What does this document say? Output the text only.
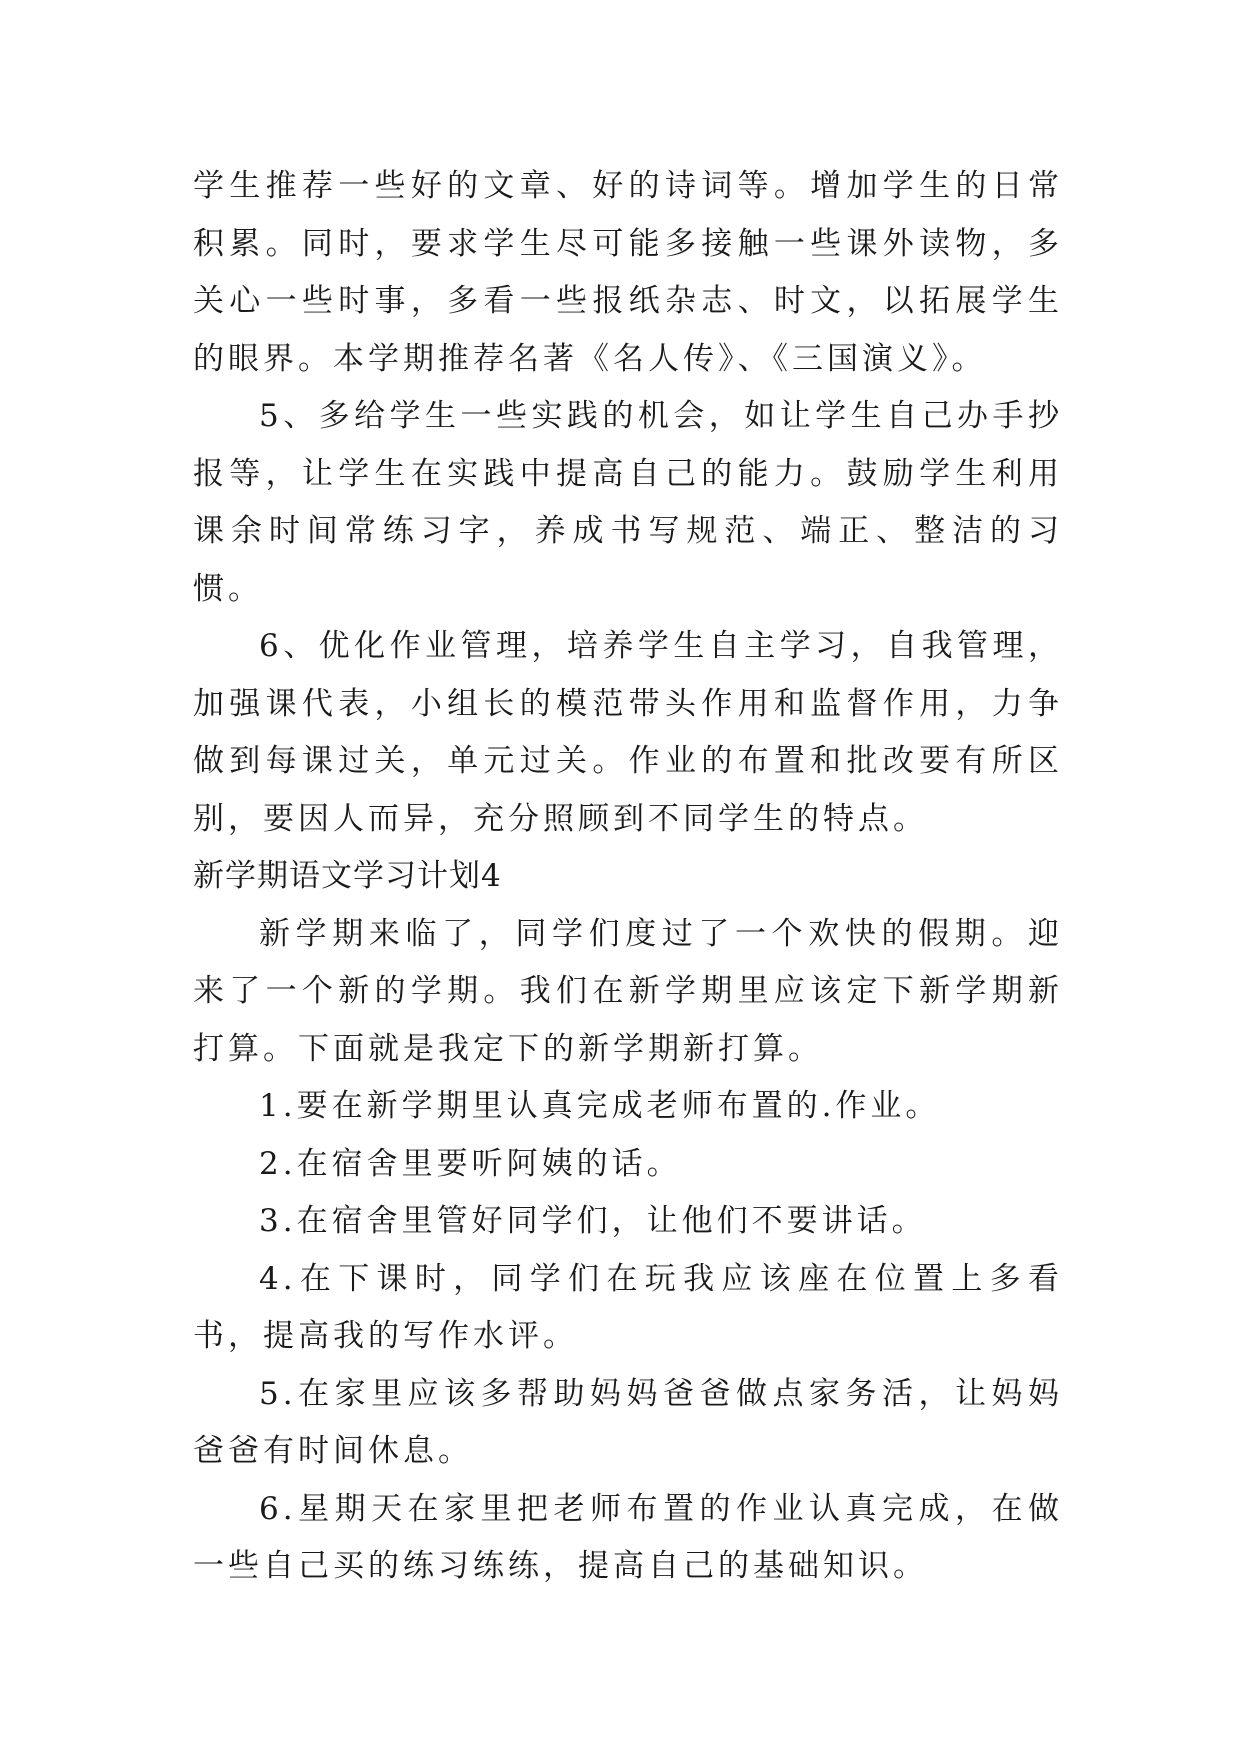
学生推荐一些好的文章、好的诗词等。增加学生的日常积累。同时，要求学生尽可能多接触一些课外读物，多关心一些时事，多看一些报纸杂志、时文，以拓展学生的眼界。本学期推荐名著《名人传》、《三国演义》。

5、多给学生一些实践的机会，如让学生自己办手抄报等，让学生在实践中提高自己的能力。鼓励学生利用课余时间常练习字，养成书写规范、端正、整洁的习惯。

6、优化作业管理，培养学生自主学习，自我管理，加强课代表，小组长的模范带头作用和监督作用，力争做到每课过关，单元过关。作业的布置和批改要有所区别，要因人而异，充分照顾到不同学生的特点。

新学期语文学习计划4

新学期来临了，同学们度过了一个欢快的假期。迎来了一个新的学期。我们在新学期里应该定下新学期新打算。下面就是我定下的新学期新打算。

1.要在新学期里认真完成老师布置的.作业。

2.在宿舍里要听阿姨的话。

3.在宿舍里管好同学们，让他们不要讲话。

4.在下课时，同学们在玩我应该座在位置上多看书，提高我的写作水评。

5.在家里应该多帮助妈妈爸爸做点家务活，让妈妈爸爸有时间休息。

6.星期天在家里把老师布置的作业认真完成，在做一些自己买的练习练练，提高自己的基础知识。
